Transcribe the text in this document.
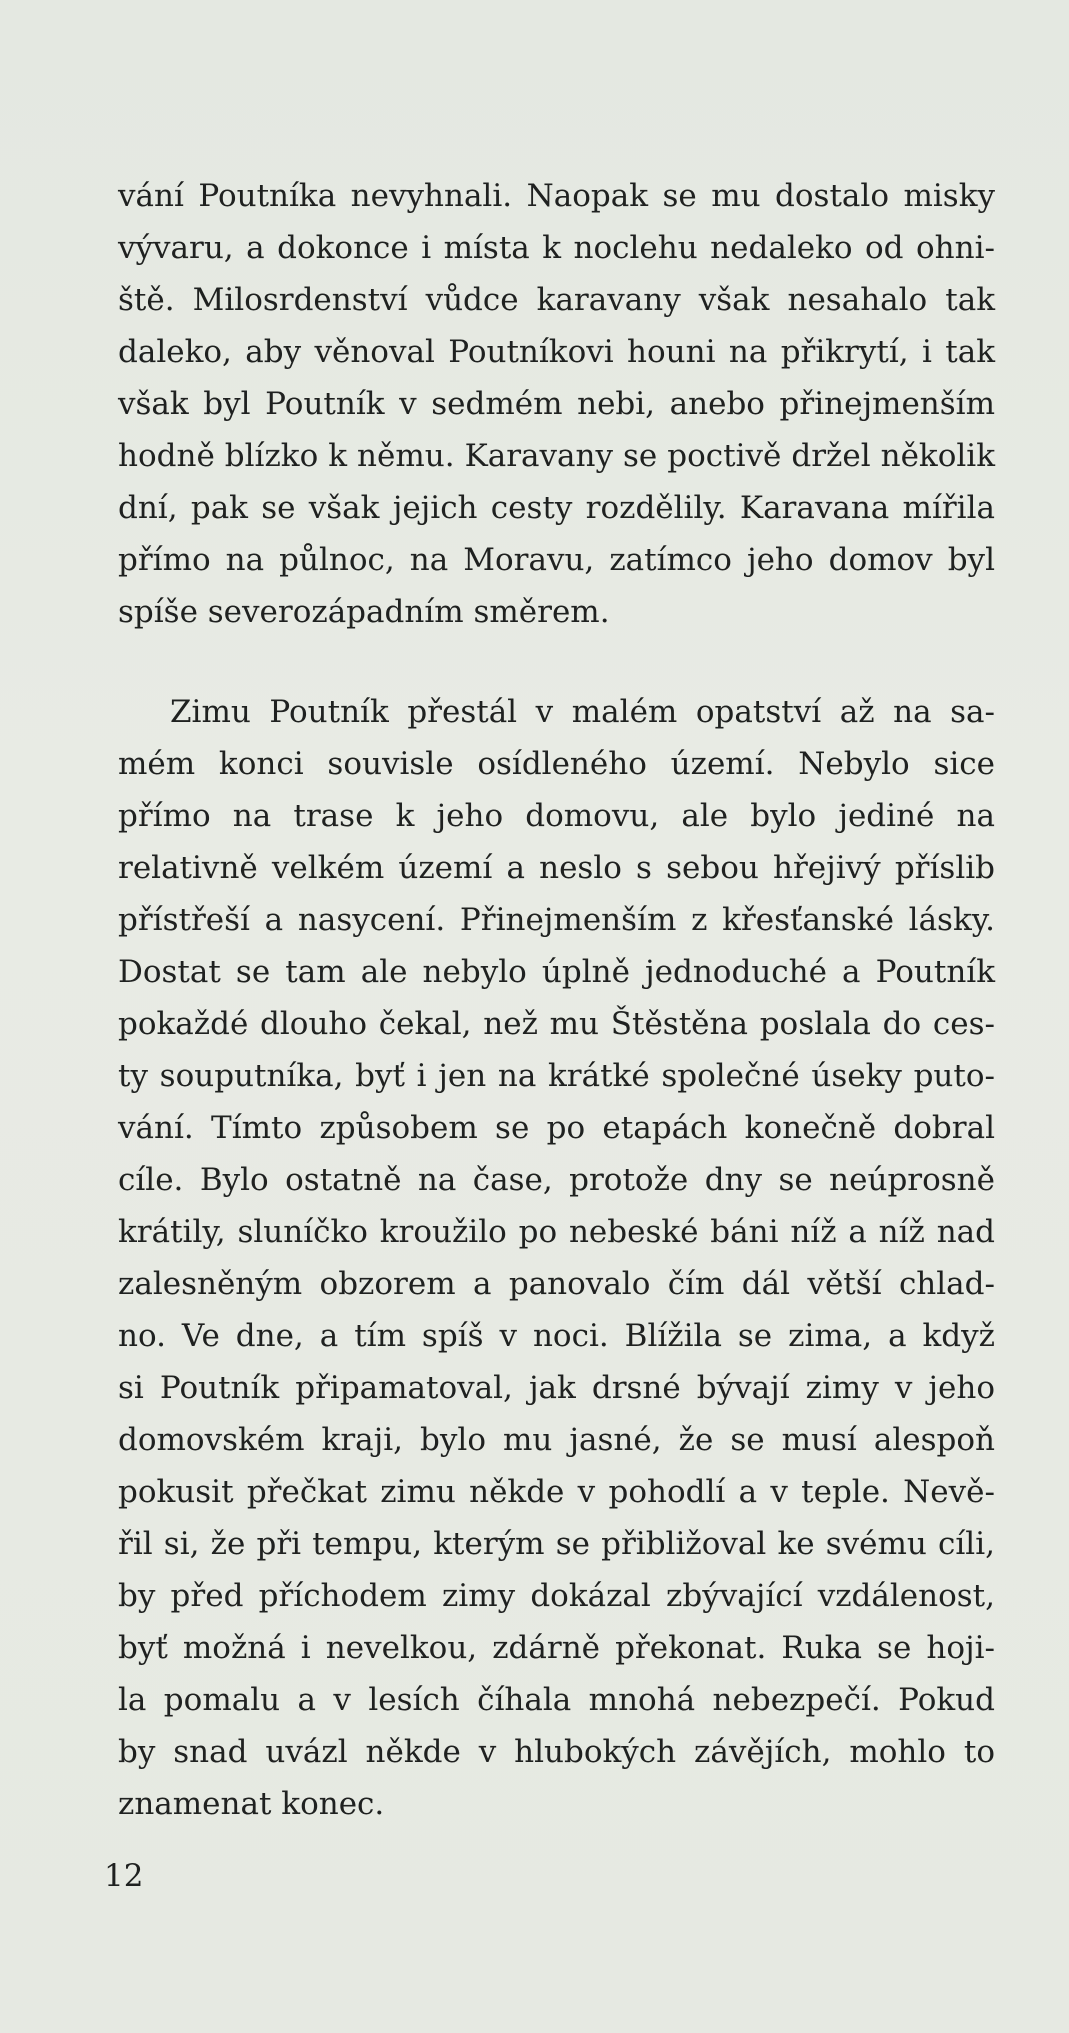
vání Poutníka nevyhnali. Naopak se mu dostalo misky
vývaru, a dokonce i místa k noclehu nedaleko od ohni-
ště. Milosrdenství vůdce karavany však nesahalo tak
daleko, aby věnoval Poutníkovi houni na přikrytí, i tak
však byl Poutník v sedmém nebi, anebo přinejmenším
hodně blízko k němu. Karavany se poctivě držel několik
dní, pak se však jejich cesty rozdělily. Karavana mířila
přímo na půlnoc, na Moravu, zatímco jeho domov byl
spíše severozápadním směrem.
Zimu Poutník přestál v malém opatství až na sa-
mém konci souvisle osídleného území. Nebylo sice
přímo na trase k jeho domovu, ale bylo jediné na
relativně velkém území a neslo s sebou hřejivý příslib
přístřeší a nasycení. Přinejmenším z křesťanské lásky.
Dostat se tam ale nebylo úplně jednoduché a Poutník
pokaždé dlouho čekal, než mu Štěstěna poslala do ces-
ty souputníka, byť i jen na krátké společné úseky puto-
vání. Tímto způsobem se po etapách konečně dobral
cíle. Bylo ostatně na čase, protože dny se neúprosně
krátily, sluníčko kroužilo po nebeské báni níž a níž nad
zalesněným obzorem a panovalo čím dál větší chlad-
no. Ve dne, a tím spíš v noci. Blížila se zima, a když
si Poutník připamatoval, jak drsné bývají zimy v jeho
domovském kraji, bylo mu jasné, že se musí alespoň
pokusit přečkat zimu někde v pohodlí a v teple. Nevě-
řil si, že při tempu, kterým se přibližoval ke svému cíli,
by před příchodem zimy dokázal zbývající vzdálenost,
byť možná i nevelkou, zdárně překonat. Ruka se hoji-
la pomalu a v lesích číhala mnohá nebezpečí. Pokud
by snad uvázl někde v hlubokých závějích, mohlo to
znamenat konec.
12
